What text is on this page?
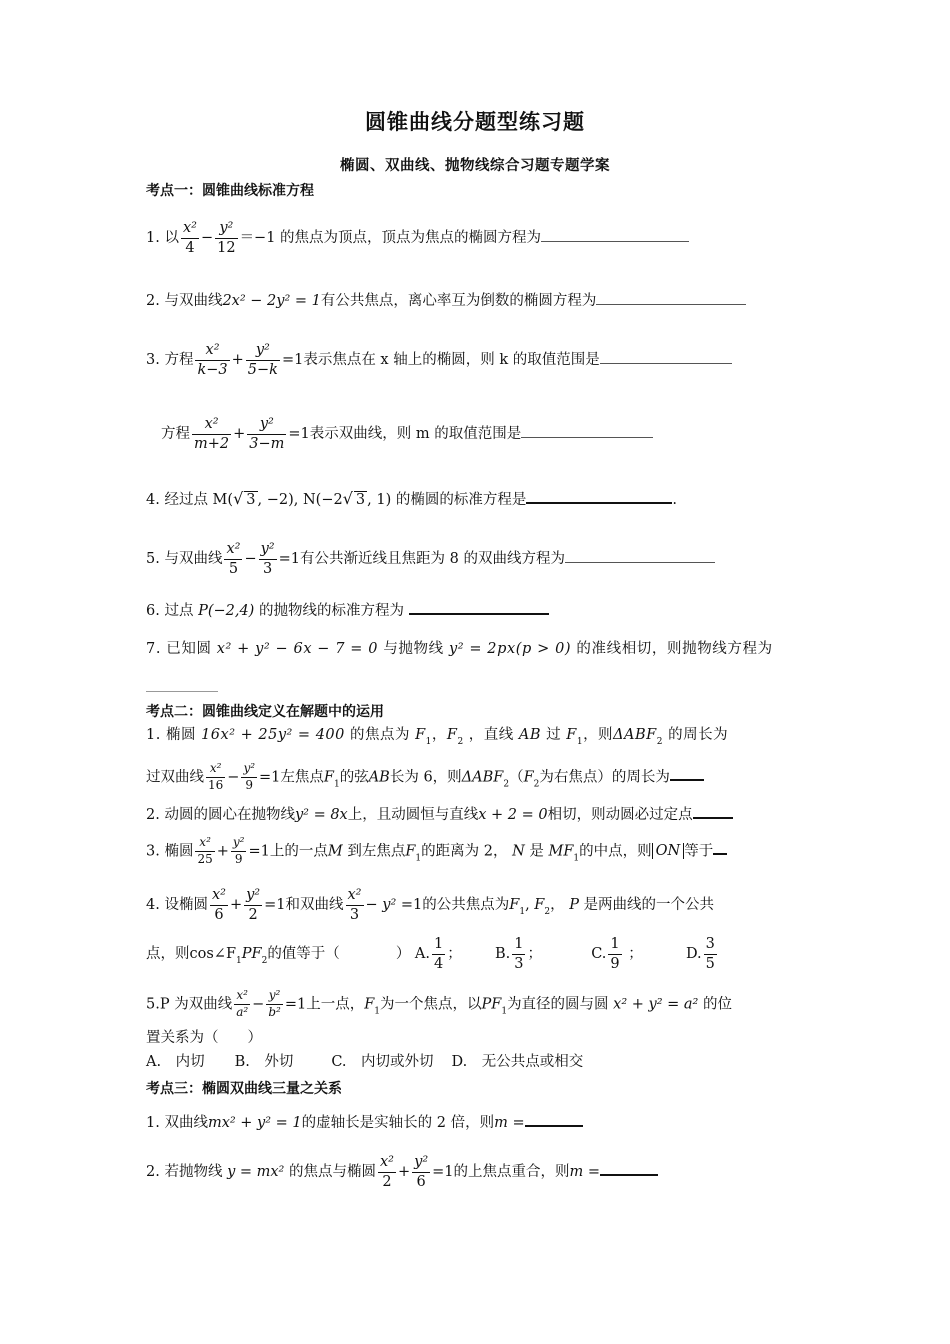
圆锥曲线分题型练习题
椭圆、双曲线、抛物线综合习题专题学案
考点一：圆锥曲线标准方程
1. 以 $\frac{\text{x²}}{4} - \frac{\text{y²}}{12} =-1$ 的焦点为顶点，顶点为焦点的椭圆方程为
2. 与双曲线2x² − 2y² = 1有公共焦点，离心率互为倒数的椭圆方程为
3. 方程 $\frac{\text{x²}}{k-3} + \frac{\text{y²}}{5-k} =1$表示焦点在 x 轴上的椭圆，则 k 的取值范围是
方程 $\frac{\text{x²}}{m+2} + \frac{\text{y²}}{3-m} =1$表示双曲线，则 m 的取值范围是
4. 经过点 M(√ 3 , −2), N(−2√ 3 , 1) 的椭圆的标准方程是	.
5. 与双曲线 $\frac{\text{x²}}{5} - \frac{\text{y²}}{3} =1$有公共渐近线且焦距为 8 的双曲线方程为
6. 过点 P(−2,4) 的抛物线的标准方程为
7. 已知圆 x² + y² − 6x − 7 = 0 与抛物线 y² = 2px(p > 0) 的准线相切，则抛物线方程为
考点二：圆锥曲线定义在解题中的运用
1. 椭圆 16x² + 25y² = 400 的焦点为 $F_1$，$F_2$ ，直线 AB 过 $F_1$，则$\Delta ABF_2$ 的周长为
过双曲线 $\frac{\text{x²}}{16} - \frac{\text{y²}}{9} =1$左焦点$F_1$的弦AB长为 6，则$\Delta ABF_2(F_2$为右焦点）的周长为
2. 动圆的圆心在抛物线y² = 8x上，且动圆恒与直线x + 2 = 0相切，则动圆必过定点
3. 椭圆 $\frac{\text{x²}}{25} + \frac{\text{y²}}{9} =1$上的一点M 到左焦点$F_1$的距离为 2， N 是 $MF_1$的中点，则 ON 等于
4. 设椭圆 $\frac{\text{x²}}{6} + \frac{\text{y²}}{2} =1$和双曲线 $\frac{\text{x²}}{3} - y^2 =1$的公共焦点为$F_1$, $F_2$， P 是两曲线的一个公共
点，则$\cos\angle F_1PF_2$的值等于（	） A. $\frac{1}{4}$ ； B. $\frac{1}{3}$ ；	C. $\frac{1}{9}$ ；	D. $\frac{3}{5}$
5.P 为双曲线 $\frac{\text{x²}}{\text{a²}} - \frac{\text{y²}}{\text{b²}} =1$上一点，$F_1$为一个焦点，以$PF_1$为直径的圆与圆 x² + y² = a² 的位
置关系为（　　）
A.　内切 B.　外切	C.　内切或外切 D.　无公共点或相交
考点三：椭圆双曲线三量之关系
1. 双曲线mx² + y² = 1的虚轴长是实轴长的 2 倍，则m =
2. 若抛物线 y = mx² 的焦点与椭圆 $\frac{\text{x²}}{2} + \frac{\text{y²}}{6} =1$的上焦点重合，则m =
